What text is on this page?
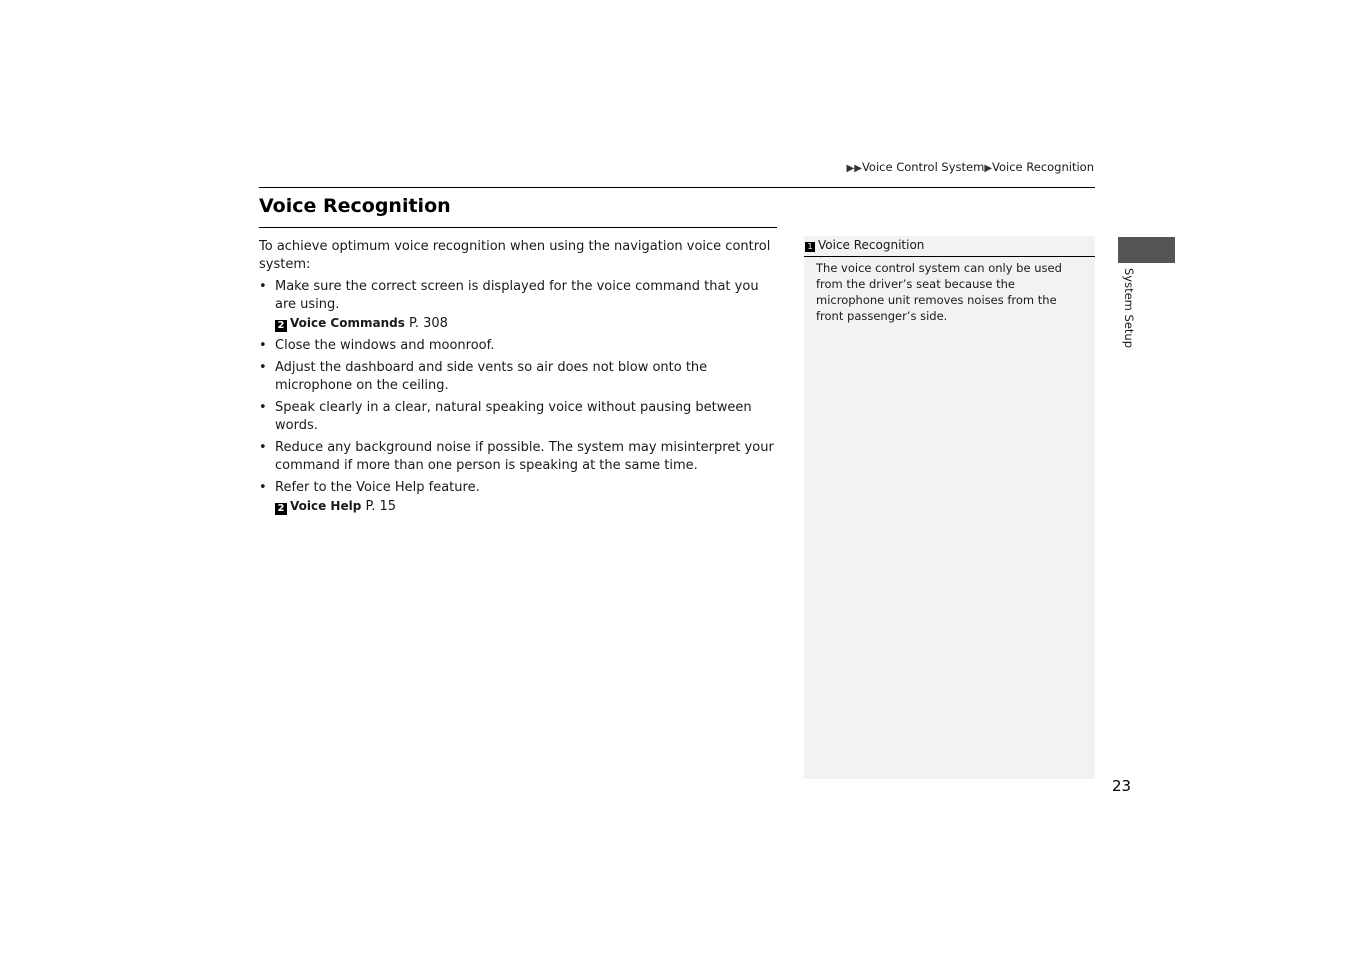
▶▶Voice Control System▶Voice Recognition
Voice Recognition

To achieve optimum voice recognition when using the navigation voice control system:

• Make sure the correct screen is displayed for the voice command that you are using.
2 Voice Commands P. 308
• Close the windows and moonroof.
• Adjust the dashboard and side vents so air does not blow onto the microphone on the ceiling.
• Speak clearly in a clear, natural speaking voice without pausing between words.
• Reduce any background noise if possible. The system may misinterpret your command if more than one person is speaking at the same time.
• Refer to the Voice Help feature.
2 Voice Help P. 15
1 Voice Recognition
The voice control system can only be used from the driver’s seat because the microphone unit removes noises from the front passenger’s side.	System Setup
23
